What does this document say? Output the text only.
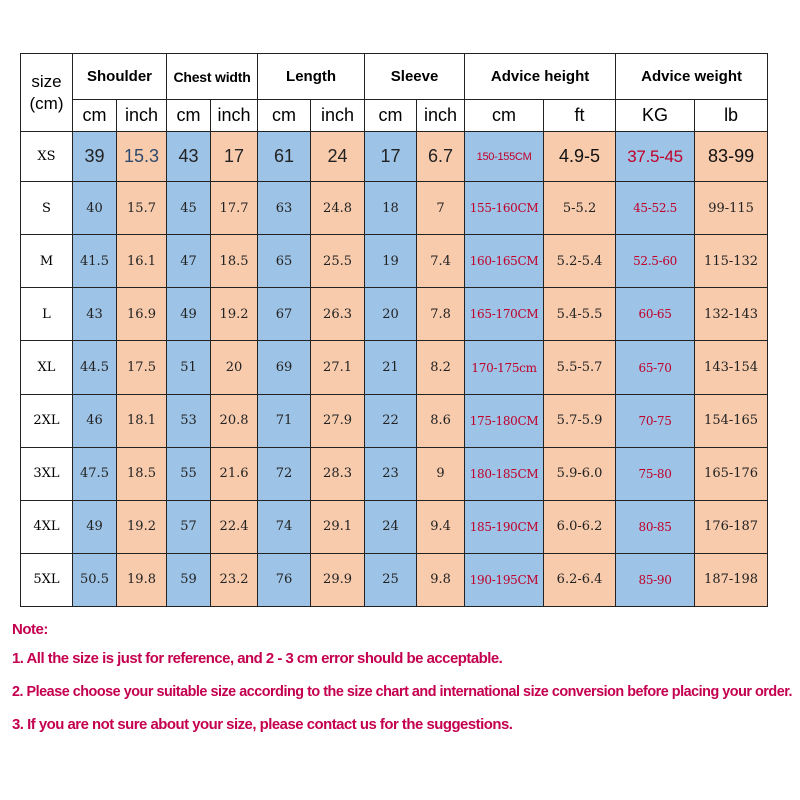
size
(cm)	Shoulder		Chest width		Length		Sleeve		Advice height		Advice weight	
	cm	inch	cm	inch	cm	inch	cm	inch	cm	ft	KG	lb
XS	39	15.3	43	17	61	24	17	6.7	150-155CM	4.9-5	37.5-45	83-99
S	40	15.7	45	17.7	63	24.8	18	7	155-160CM	5-5.2	45-52.5	99-115
M	41.5	16.1	47	18.5	65	25.5	19	7.4	160-165CM	5.2-5.4	52.5-60	115-132
L	43	16.9	49	19.2	67	26.3	20	7.8	165-170CM	5.4-5.5	60-65	132-143
XL	44.5	17.5	51	20	69	27.1	21	8.2	170-175cm	5.5-5.7	65-70	143-154
2XL	46	18.1	53	20.8	71	27.9	22	8.6	175-180CM	5.7-5.9	70-75	154-165
3XL	47.5	18.5	55	21.6	72	28.3	23	9	180-185CM	5.9-6.0	75-80	165-176
4XL	49	19.2	57	22.4	74	29.1	24	9.4	185-190CM	6.0-6.2	80-85	176-187
5XL	50.5	19.8	59	23.2	76	29.9	25	9.8	190-195CM	6.2-6.4	85-90	187-198
Note:
1. All the size is just for reference, and 2 - 3 cm error should be acceptable.
2. Please choose your suitable size according to the size chart and international size conversion before placing your order.
3. If you are not sure about your size, please contact us for the suggestions.
